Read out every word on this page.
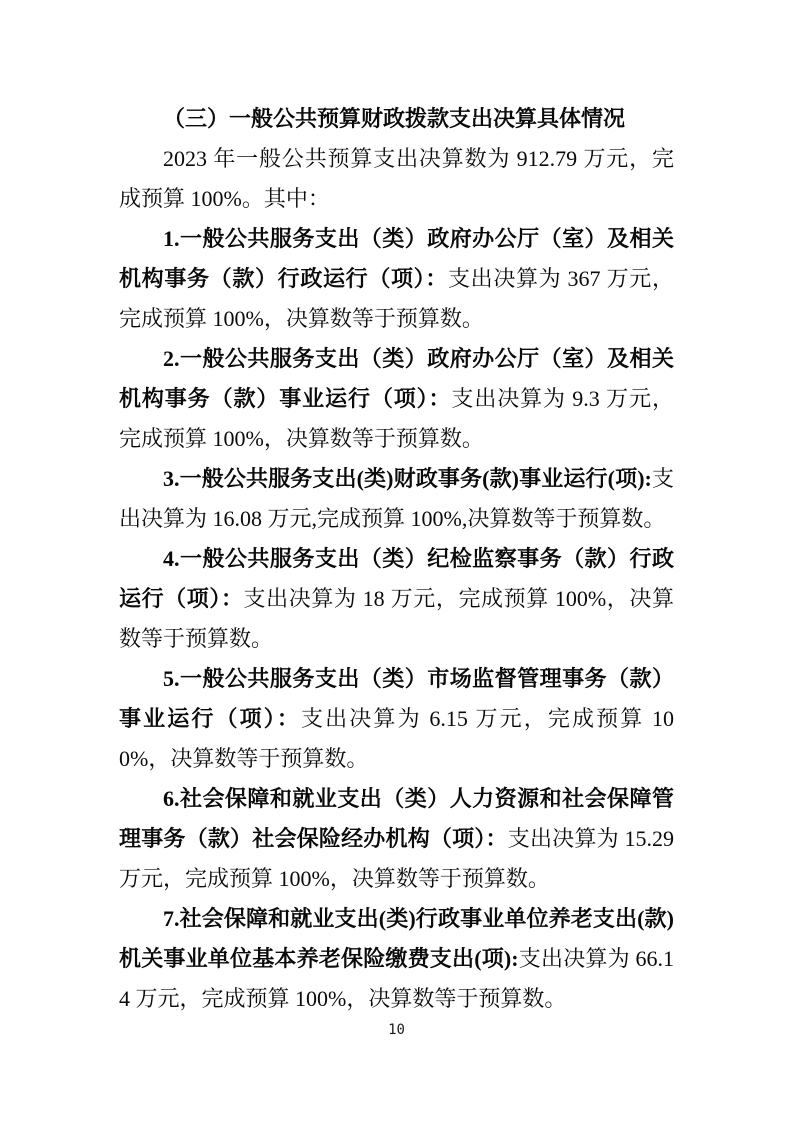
（三）一般公共预算财政拨款支出决算具体情况

2023 年一般公共预算支出决算数为 912.79 万元，完成预算 100%。其中：

1.一般公共服务支出（类）政府办公厅（室）及相关机构事务（款）行政运行（项）：支出决算为 367 万元，完成预算 100%，决算数等于预算数。

2.一般公共服务支出（类）政府办公厅（室）及相关机构事务（款）事业运行（项）：支出决算为 9.3 万元，完成预算 100%，决算数等于预算数。

3.一般公共服务支出(类)财政事务(款)事业运行(项):支出决算为 16.08 万元,完成预算 100%,决算数等于预算数。

4.一般公共服务支出（类）纪检监察事务（款）行政运行（项）：支出决算为 18 万元，完成预算 100%，决算数等于预算数。

5.一般公共服务支出（类）市场监督管理事务（款）事业运行（项）：支出决算为 6.15 万元，完成预算 100%，决算数等于预算数。

6.社会保障和就业支出（类）人力资源和社会保障管理事务（款）社会保险经办机构（项）：支出决算为 15.29 万元，完成预算 100%，决算数等于预算数。

7.社会保障和就业支出(类)行政事业单位养老支出(款)机关事业单位基本养老保险缴费支出(项):支出决算为 66.14 万元，完成预算 100%，决算数等于预算数。

10
